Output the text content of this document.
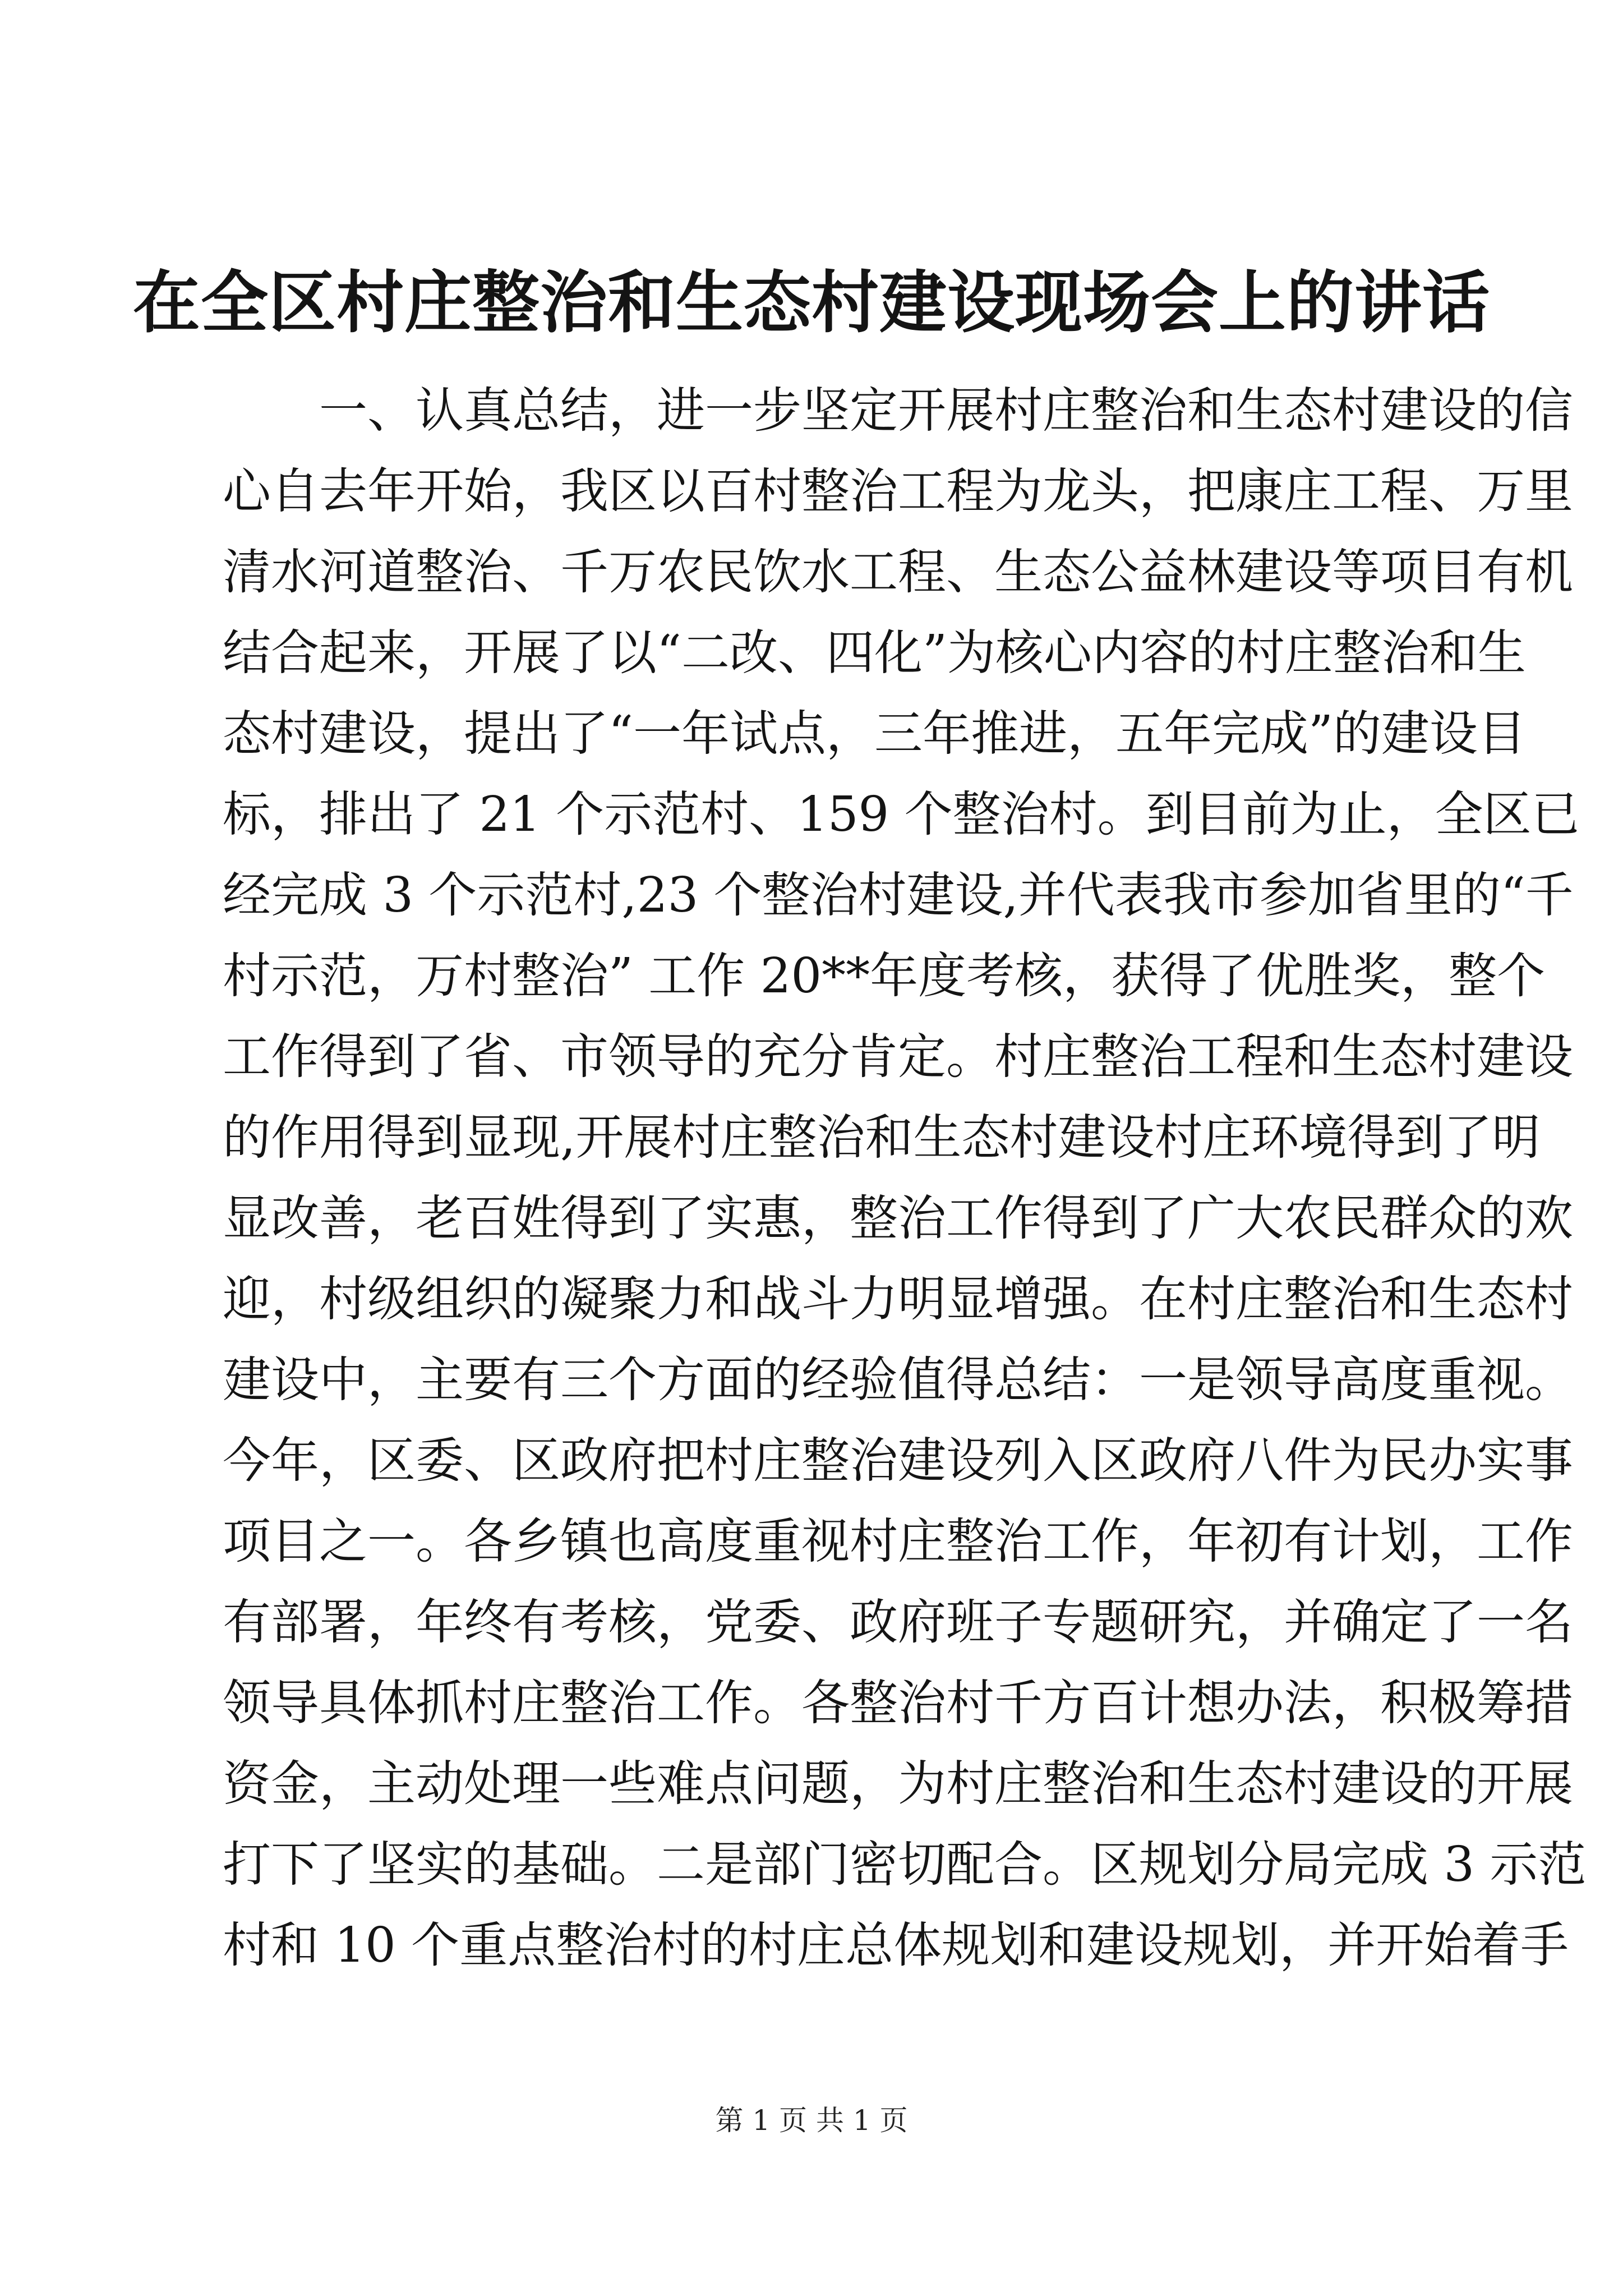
在全区村庄整治和生态村建设现场会上的讲话
一、认真总结，进一步坚定开展村庄整治和生态村建设的信
心自去年开始，我区以百村整治工程为龙头，把康庄工程、万里
清水河道整治、千万农民饮水工程、生态公益林建设等项目有机
结合起来，开展了以“二改、四化”为核心内容的村庄整治和生
态村建设，提出了“一年试点，三年推进，五年完成”的建设目
标，排出了 21 个示范村、159 个整治村。到目前为止，全区已
经完成 3 个示范村,23 个整治村建设,并代表我市参加省里的“千
村示范，万村整治” 工作 20**年度考核，获得了优胜奖，整个
工作得到了省、市领导的充分肯定。村庄整治工程和生态村建设
的作用得到显现,开展村庄整治和生态村建设村庄环境得到了明
显改善，老百姓得到了实惠，整治工作得到了广大农民群众的欢
迎，村级组织的凝聚力和战斗力明显增强。在村庄整治和生态村
建设中，主要有三个方面的经验值得总结：一是领导高度重视。
今年，区委、区政府把村庄整治建设列入区政府八件为民办实事
项目之一。各乡镇也高度重视村庄整治工作，年初有计划，工作
有部署，年终有考核，党委、政府班子专题研究，并确定了一名
领导具体抓村庄整治工作。各整治村千方百计想办法，积极筹措
资金，主动处理一些难点问题，为村庄整治和生态村建设的开展
打下了坚实的基础。二是部门密切配合。区规划分局完成 3 示范
村和 10 个重点整治村的村庄总体规划和建设规划，并开始着手
第 1 页 共 1 页
